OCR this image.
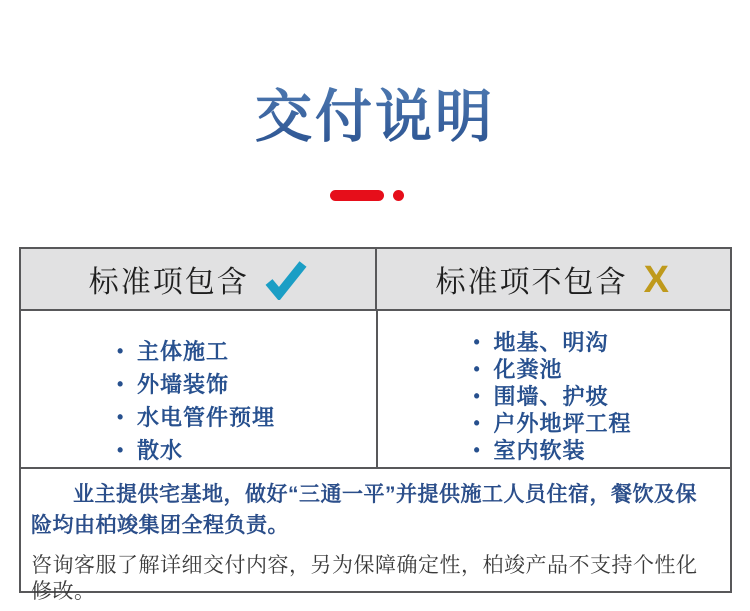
交付说明
标准项包含	标准项不包含 X
• 主体施工
• 外墙装饰
• 水电管件预埋
• 散水
• 地基、明沟
• 化粪池
• 围墙、护坡
• 户外地坪工程
• 室内软装

业主提供宅基地，做好“三通一平”并提供施工人员住宿，餐饮及保险均由柏竣集团全程负责。

咨询客服了解详细交付内容，另为保障确定性，柏竣产品不支持个性化修改。
